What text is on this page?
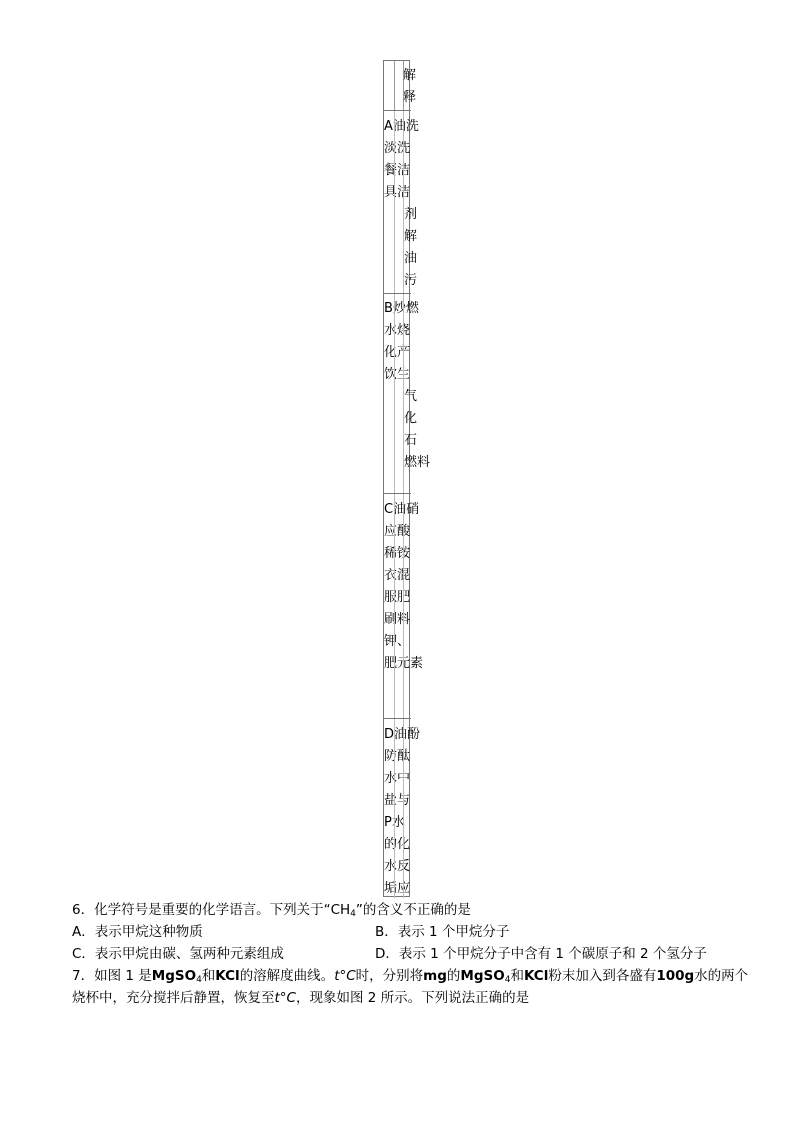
解
释
A油洗
淡洗
餐洁
具洁
剂
解
油
污
B炒燃
水烧
化产
饮生
气
化
石
燃料
C油硝
应酸
稀铵
衣混
服肥
刷料
钾、
肥元素
D油酚
防酞
水中
盐与
P水
的化
水反
垢应
6．化学符号是重要的化学语言。下列关于“$CH_4$”的含义不正确的是
A．表示甲烷这种物质	B．表示 1 个甲烷分子
C．表示甲烷由碳、氢两种元素组成	D．表示 1 个甲烷分子中含有 1 个碳原子和 2 个氢分子
7．如图 1 是MgSO$_4$和KCl的溶解度曲线。t°C时，分别将mg的MgSO$_4$和KCl粉末加入到各盛有100g水的两个
烧杯中，充分搅拌后静置，恢复至t°C，现象如图 2 所示。下列说法正确的是
